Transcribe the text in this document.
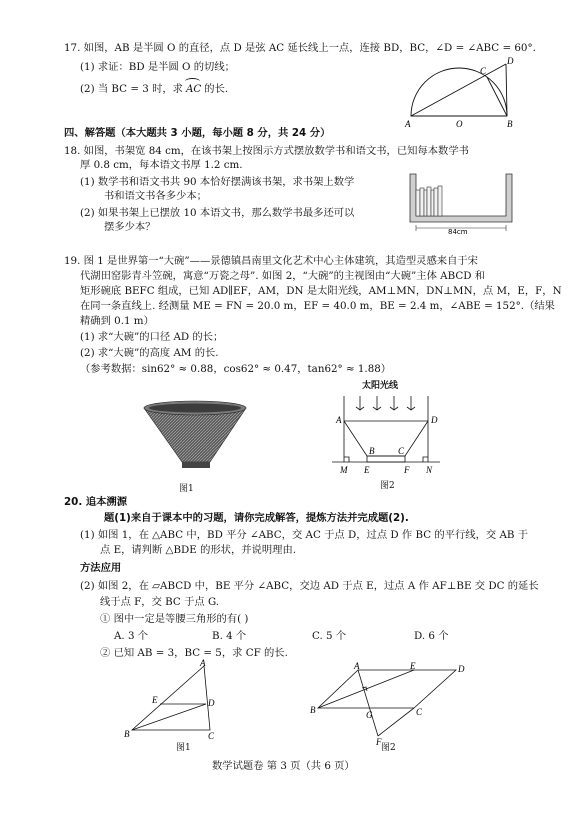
17. 如图，AB 是半圆 O 的直径，点 D 是弦 AC 延长线上一点，连接 BD，BC，∠D = ∠ABC = 60°.
(1) 求证：BD 是半圆 O 的切线；
(2) 当 BC = 3 时，求 AC 的长.
A	O	B
C
D
四、解答题（本大题共 3 小题，每小题 8 分，共 24 分）
18. 如图，书架宽 84 cm，在该书架上按图示方式摆放数学书和语文书，已知每本数学书
厚 0.8 cm，每本语文书厚 1.2 cm.
(1) 数学书和语文书共 90 本恰好摆满该书架，求书架上数学
书和语文书各多少本；
(2) 如果书架上已摆放 10 本语文书，那么数学书最多还可以
摆多少本？	84cm
19. 图 1 是世界第一“大碗”——景德镇昌南里文化艺术中心主体建筑，其造型灵感来自于宋
代湖田窑影青斗笠碗，寓意“万瓷之母”. 如图 2，“大碗”的主视图由“大碗”主体 ABCD 和
矩形碗底 BEFC 组成，已知 AD∥EF，AM，DN 是太阳光线，AM⊥MN，DN⊥MN，点 M，E，F，N
在同一条直线上. 经测量 ME = FN = 20.0 m，EF = 40.0 m，BE = 2.4 m，∠ABE = 152°.（结果
精确到 0.1 m）
(1) 求“大碗”的口径 AD 的长；
(2) 求“大碗”的高度 AM 的长.
（参考数据：sin62° ≈ 0.88，cos62° ≈ 0.47，tan62° ≈ 1.88）
图1
太阳光线
A	D
B	C
M E	F N
图2
20. 追本溯源
题(1)来自于课本中的习题，请你完成解答，提炼方法并完成题(2).
(1) 如图 1，在 △ABC 中，BD 平分 ∠ABC，交 AC 于点 D，过点 D 作 BC 的平行线，交 AB 于
点 E，请判断 △BDE 的形状，并说明理由.
方法应用
(2) 如图 2，在 ▱ABCD 中，BE 平分 ∠ABC，交边 AD 于点 E，过点 A 作 AF⊥BE 交 DC 的延长
线于点 F，交 BC 于点 G.
① 图中一定是等腰三角形的有( )
A. 3 个	B. 4 个	C. 5 个	D. 6 个
② 已知 AB = 3，BC = 5，求 CF 的长.
A
E	D
B	C
图1
A	E	D
B	G	C
F
图2
数学试题卷 第 3 页（共 6 页）
